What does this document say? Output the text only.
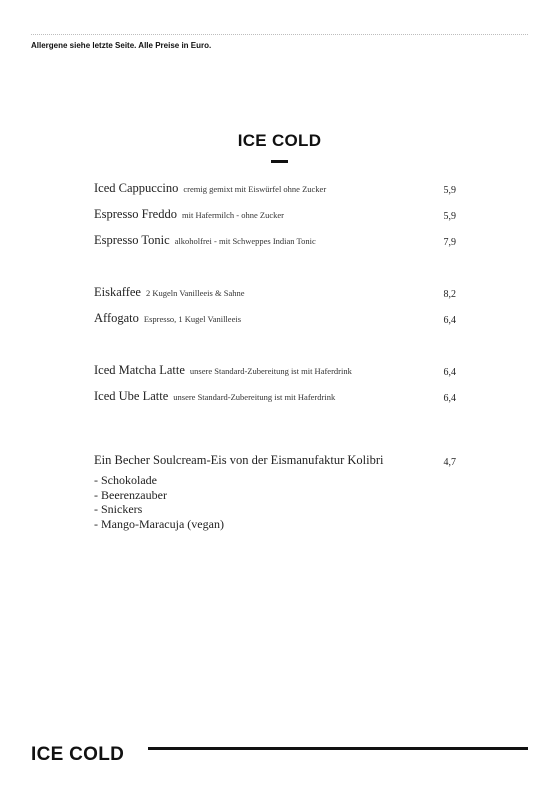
Allergene siehe letzte Seite. Alle Preise in Euro.
ICE COLD
Iced Cappuccino cremig gemixt mit Eiswürfel ohne Zucker	5,9
Espresso Freddo mit Hafermilch - ohne Zucker	5,9
Espresso Tonic alkoholfrei - mit Schweppes Indian Tonic	7,9
Eiskaffee 2 Kugeln Vanilleeis & Sahne	8,2
Affogato Espresso, 1 Kugel Vanilleeis	6,4
Iced Matcha Latte unsere Standard-Zubereitung ist mit Haferdrink	6,4
Iced Ube Latte unsere Standard-Zubereitung ist mit Haferdrink	6,4
Ein Becher Soulcream-Eis von der Eismanufaktur Kolibri	4,7
- Schokolade
- Beerenzauber
- Snickers
- Mango-Maracuja (vegan)
ICE COLD
